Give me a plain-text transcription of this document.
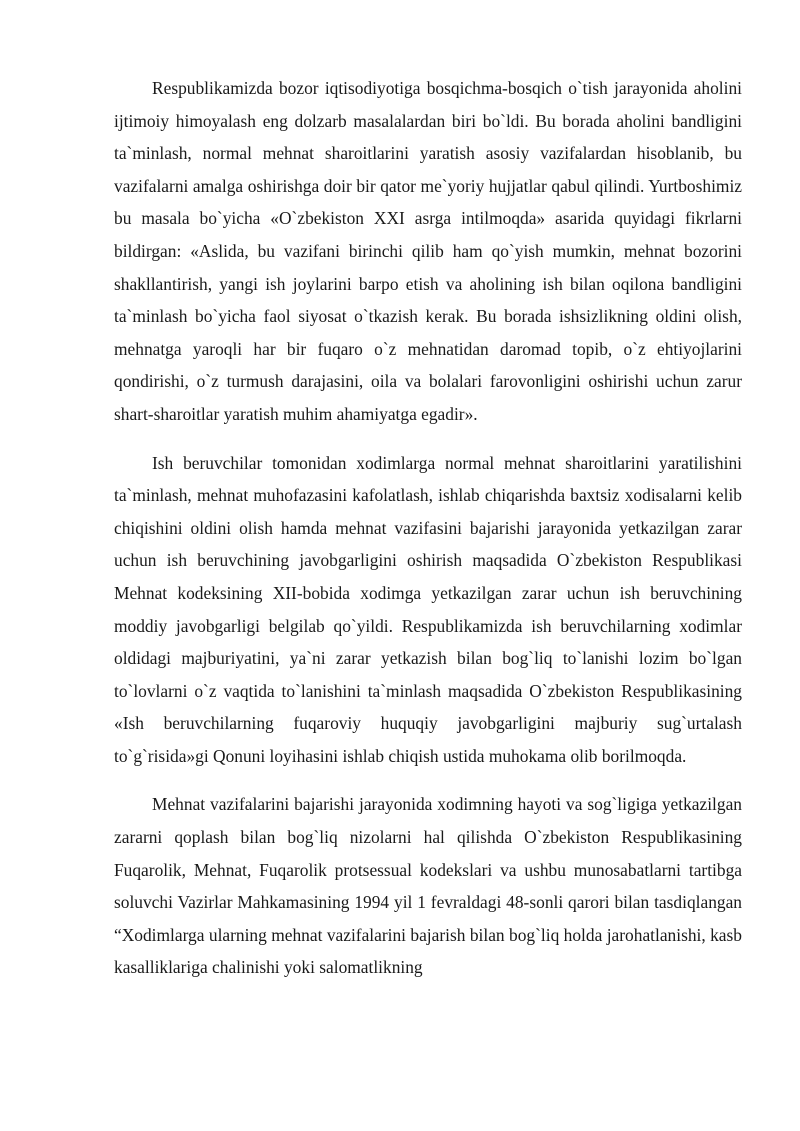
Respublikamizda bozor iqtisodiyotiga bosqichma-bosqich o`tish jarayonida aholini ijtimoiy himoyalash eng dolzarb masalalardan biri bo`ldi. Bu borada aholini bandligini ta`minlash, normal mehnat sharoitlarini yaratish asosiy vazifalardan hisoblanib, bu vazifalarni amalga oshirishga doir bir qator me`yoriy hujjatlar qabul qilindi. Yurtboshimiz bu masala bo`yicha «O`zbekiston XXI asrga intilmoqda» asarida quyidagi fikrlarni bildirgan: «Aslida, bu vazifani birinchi qilib ham qo`yish mumkin, mehnat bozorini shakllantirish, yangi ish joylarini barpo etish va aholining ish bilan oqilona bandligini ta`minlash bo`yicha faol siyosat o`tkazish kerak. Bu borada ishsizlikning oldini olish, mehnatga yaroqli har bir fuqaro o`z mehnatidan daromad topib, o`z ehtiyojlarini qondirishi, o`z turmush darajasini, oila va bolalari farovonligini oshirishi uchun zarur shart-sharoitlar yaratish muhim ahamiyatga egadir».

Ish beruvchilar tomonidan xodimlarga normal mehnat sharoitlarini yaratilishini ta`minlash, mehnat muhofazasini kafolatlash, ishlab chiqarishda baxtsiz xodisalarni kelib chiqishini oldini olish hamda mehnat vazifasini bajarishi jarayonida yetkazilgan zarar uchun ish beruvchining javobgarligini oshirish maqsadida O`zbekiston Respublikasi Mehnat kodeksining XII-bobida xodimga yetkazilgan zarar uchun ish beruvchining moddiy javobgarligi belgilab qo`yildi. Respublikamizda ish beruvchilarning xodimlar oldidagi majburiyatini, ya`ni zarar yetkazish bilan bog`liq to`lanishi lozim bo`lgan to`lovlarni o`z vaqtida to`lanishini ta`minlash maqsadida O`zbekiston Respublikasining «Ish beruvchilarning fuqaroviy huquqiy javobgarligini majburiy sug`urtalash to`g`risida»gi Qonuni loyihasini ishlab chiqish ustida muhokama olib borilmoqda.

Mehnat vazifalarini bajarishi jarayonida xodimning hayoti va sog`ligiga yetkazilgan zararni qoplash bilan bog`liq nizolarni hal qilishda O`zbekiston Respublikasining Fuqarolik, Mehnat, Fuqarolik protsessual kodekslari va ushbu munosabatlarni tartibga soluvchi Vazirlar Mahkamasining 1994 yil 1 fevraldagi 48-sonli qarori bilan tasdiqlangan “Xodimlarga ularning mehnat vazifalarini bajarish bilan bog`liq holda jarohatlanishi, kasb kasalliklariga chalinishi yoki salomatlikning
